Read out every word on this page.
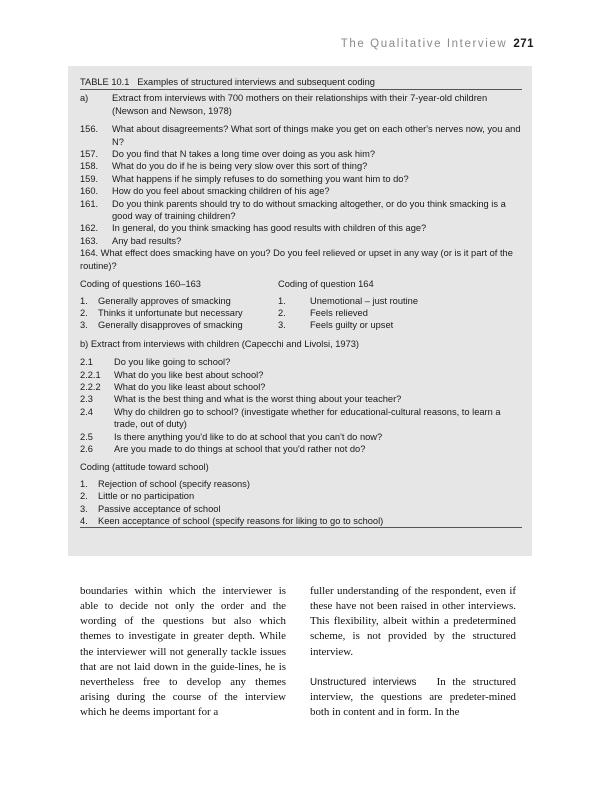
The Qualitative Interview 271
TABLE 10.1 Examples of structured interviews and subsequent coding
a)	Extract from interviews with 700 mothers on their relationships with their 7-year-old children (Newson and Newson, 1978)
156.	What about disagreements? What sort of things make you get on each other's nerves now, you and N?
157.	Do you find that N takes a long time over doing as you ask him?
158.	What do you do if he is being very slow over this sort of thing?
159.	What happens if he simply refuses to do something you want him to do?
160.	How do you feel about smacking children of his age?
161.	Do you think parents should try to do without smacking altogether, or do you think smacking is a good way of training children?
162.	In general, do you think smacking has good results with children of this age?
163.	Any bad results?
164. What effect does smacking have on you? Do you feel relieved or upset in any way (or is it part of the routine)?
Coding of questions 160–163	Coding of question 164
1.	Generally approves of smacking	1.	Unemotional – just routine
2.	Thinks it unfortunate but necessary	2.	Feels relieved
3.	Generally disapproves of smacking	3.	Feels guilty or upset
b) Extract from interviews with children (Capecchi and Livolsi, 1973)
2.1	Do you like going to school?
2.2.1	What do you like best about school?
2.2.2	What do you like least about school?
2.3	What is the best thing and what is the worst thing about your teacher?
2.4	Why do children go to school? (investigate whether for educational-cultural reasons, to learn a trade, out of duty)
2.5	Is there anything you'd like to do at school that you can't do now?
2.6	Are you made to do things at school that you'd rather not do?
Coding (attitude toward school)
1.	Rejection of school (specify reasons)
2.	Little or no participation
3.	Passive acceptance of school
4.	Keen acceptance of school (specify reasons for liking to go to school)

boundaries within which the interviewer is able to decide not only the order and the wording of the questions but also which themes to investigate in greater depth. While the interviewer will not generally tackle issues that are not laid down in the guide-lines, he is nevertheless free to develop any themes arising during the course of the interview which he deems important for a

fuller understanding of the respondent, even if these have not been raised in other interviews. This flexibility, albeit within a predetermined scheme, is not provided by the structured interview.

Unstructured interviews In the structured interview, the questions are predeter-mined both in content and in form. In the
